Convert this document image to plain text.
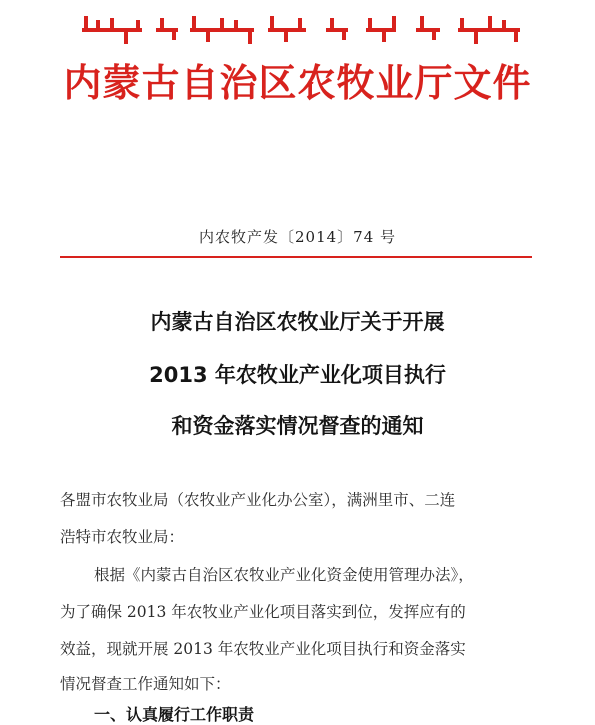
内蒙古自治区农牧业厅文件
内农牧产发〔2014〕74 号
内蒙古自治区农牧业厅关于开展
2013 年农牧业产业化项目执行
和资金落实情况督查的通知
各盟市农牧业局（农牧业产业化办公室），满洲里市、二连
浩特市农牧业局：
根据《内蒙古自治区农牧业产业化资金使用管理办法》，
为了确保 2013 年农牧业产业化项目落实到位，发挥应有的
效益，现就开展 2013 年农牧业产业化项目执行和资金落实
情况督查工作通知如下：
一、认真履行工作职责
